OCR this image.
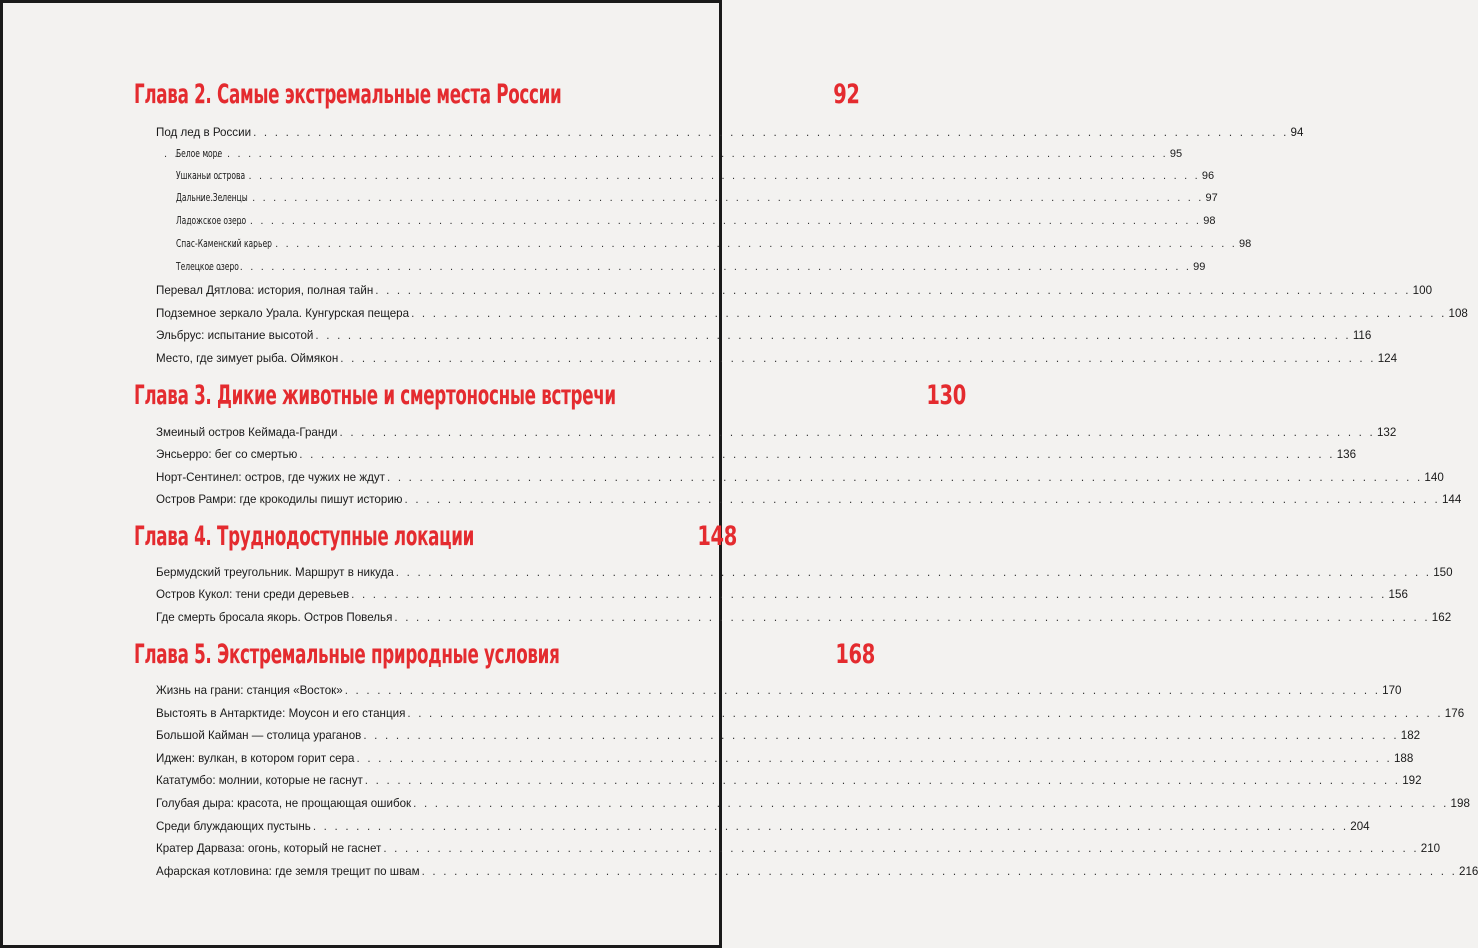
Глава 2. Самые экстремальные места России	92
Под лед в России . . .	94
Белое море . . .	95
Ушканьи острова . . .	96
Дальние Зеленцы . . .	97
Ладожское озеро . . .	98
Спас-Каменский карьер . . .	98
Телецкое озеро . . .	99
Перевал Дятлова: история, полная тайн . . .	100
Подземное зеркало Урала. Кунгурская пещера . . .	108
Эльбрус: испытание высотой . . .	116
Место, где зимует рыба. Оймякон . . .	124
Глава 3. Дикие животные и смертоносные встречи	130
Змеиный остров Кеймада-Гранди . . .	132
Энсьерро: бег со смертью . . .	136
Норт-Сентинел: остров, где чужих не ждут . . .	140
Остров Рамри: где крокодилы пишут историю . . .	144
Глава 4. Труднодоступные локации	148
Бермудский треугольник. Маршрут в никуда . . .	150
Остров Кукол: тени среди деревьев . . .	156
Где смерть бросала якорь. Остров Повелья . . .	162
Глава 5. Экстремальные природные условия	168
Жизнь на грани: станция «Восток» . . .	170
Выстоять в Антарктиде: Моусон и его станция . . .	176
Большой Кайман — столица ураганов . . .	182
Иджен: вулкан, в котором горит сера . . .	188
Кататумбо: молнии, которые не гаснут . . .	192
Голубая дыра: красота, не прощающая ошибок . . .	198
Среди блуждающих пустынь . . .	204
Кратер Дарваза: огонь, который не гаснет . . .	210
Афарская котловина: где земля трещит по швам . . .	216
